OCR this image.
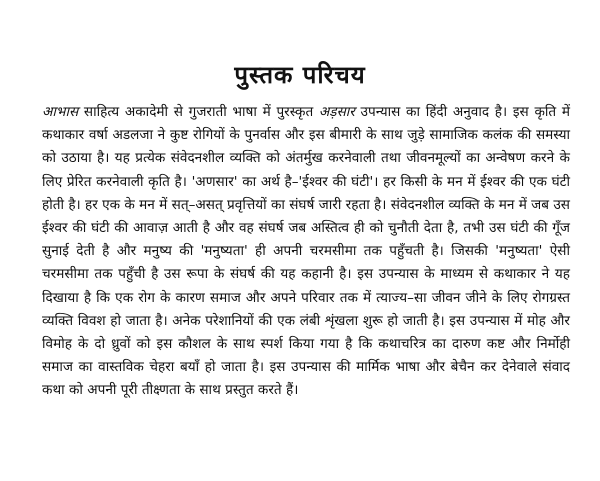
पुस्तक परिचय

आभास साहित्य अकादेमी से गुजराती भाषा में पुरस्कृत अड़सार उपन्यास का हिंदी अनुवाद है। इस कृति में कथाकार वर्षा अडलजा ने कुष्ट रोगियों के पुनर्वास और इस बीमारी के साथ जुड़े सामाजिक कलंक की समस्या को उठाया है। यह प्रत्येक संवेदनशील व्यक्ति को अंतर्मुख करनेवाली तथा जीवनमूल्यों का अन्वेषण करने के लिए प्रेरित करनेवाली कृति है। 'अणसार' का अर्थ है–'ईश्वर की घंटी'। हर किसी के मन में ईश्वर की एक घंटी होती है। हर एक के मन में सत्–असत् प्रवृत्तियों का संघर्ष जारी रहता है। संवेदनशील व्यक्ति के मन में जब उस ईश्वर की घंटी की आवाज़ आती है और वह संघर्ष जब अस्तित्व ही को चुनौती देता है, तभी उस घंटी की गूँज सुनाई देती है और मनुष्य की 'मनुष्यता' ही अपनी चरमसीमा तक पहुँचती है। जिसकी 'मनुष्यता' ऐसी चरमसीमा तक पहुँची है उस रूपा के संघर्ष की यह कहानी है। इस उपन्यास के माध्यम से कथाकार ने यह दिखाया है कि एक रोग के कारण समाज और अपने परिवार तक में त्याज्य–सा जीवन जीने के लिए रोगग्रस्त व्यक्ति विवश हो जाता है। अनेक परेशानियों की एक लंबी शृंखला शुरू हो जाती है। इस उपन्यास में मोह और विमोह के दो ध्रुवों को इस कौशल के साथ स्पर्श किया गया है कि कथाचरित्र का दारुण कष्ट और निर्मोही समाज का वास्तविक चेहरा बयाँ हो जाता है। इस उपन्यास की मार्मिक भाषा और बेचैन कर देनेवाले संवाद कथा को अपनी पूरी तीक्ष्णता के साथ प्रस्तुत करते हैं।
